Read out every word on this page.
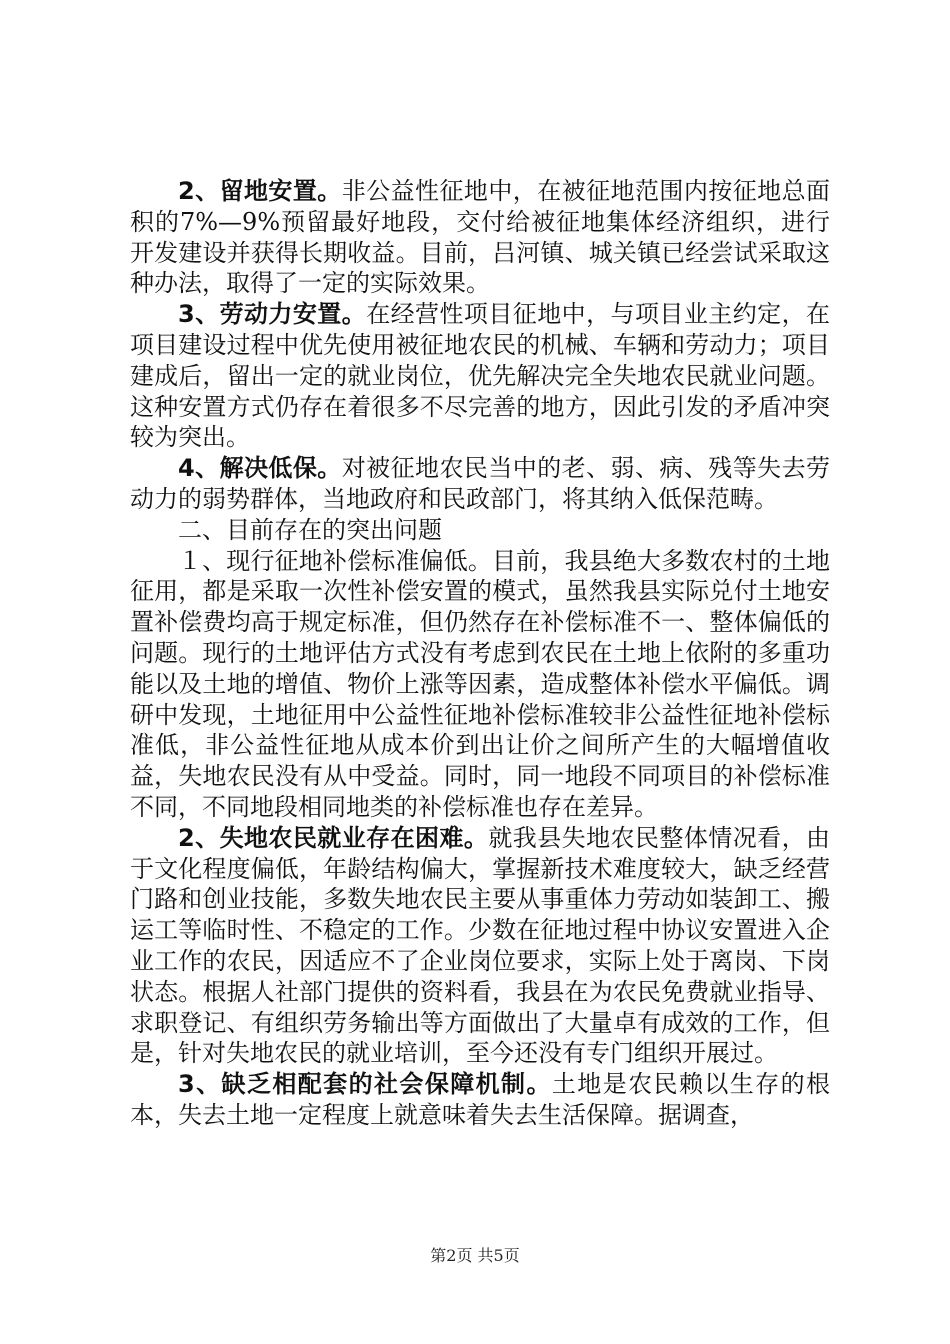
2、留地安置。非公益性征地中，在被征地范围内按征地总面积的7%—9%预留最好地段，交付给被征地集体经济组织，进行开发建设并获得长期收益。目前，吕河镇、城关镇已经尝试采取这种办法，取得了一定的实际效果。

3、劳动力安置。在经营性项目征地中，与项目业主约定，在项目建设过程中优先使用被征地农民的机械、车辆和劳动力；项目建成后，留出一定的就业岗位，优先解决完全失地农民就业问题。这种安置方式仍存在着很多不尽完善的地方，因此引发的矛盾冲突较为突出。

4、解决低保。对被征地农民当中的老、弱、病、残等失去劳动力的弱势群体，当地政府和民政部门，将其纳入低保范畴。

二、目前存在的突出问题

１、现行征地补偿标准偏低。目前，我县绝大多数农村的土地征用，都是采取一次性补偿安置的模式，虽然我县实际兑付土地安置补偿费均高于规定标准，但仍然存在补偿标准不一、整体偏低的问题。现行的土地评估方式没有考虑到农民在土地上依附的多重功能以及土地的增值、物价上涨等因素，造成整体补偿水平偏低。调研中发现，土地征用中公益性征地补偿标准较非公益性征地补偿标准低，非公益性征地从成本价到出让价之间所产生的大幅增值收益，失地农民没有从中受益。同时，同一地段不同项目的补偿标准不同，不同地段相同地类的补偿标准也存在差异。

2、失地农民就业存在困难。就我县失地农民整体情况看，由于文化程度偏低，年龄结构偏大，掌握新技术难度较大，缺乏经营门路和创业技能，多数失地农民主要从事重体力劳动如装卸工、搬运工等临时性、不稳定的工作。少数在征地过程中协议安置进入企业工作的农民，因适应不了企业岗位要求，实际上处于离岗、下岗状态。根据人社部门提供的资料看，我县在为农民免费就业指导、求职登记、有组织劳务输出等方面做出了大量卓有成效的工作，但是，针对失地农民的就业培训，至今还没有专门组织开展过。

3、缺乏相配套的社会保障机制。土地是农民赖以生存的根本，失去土地一定程度上就意味着失去生活保障。据调查，

第2页 共5页
